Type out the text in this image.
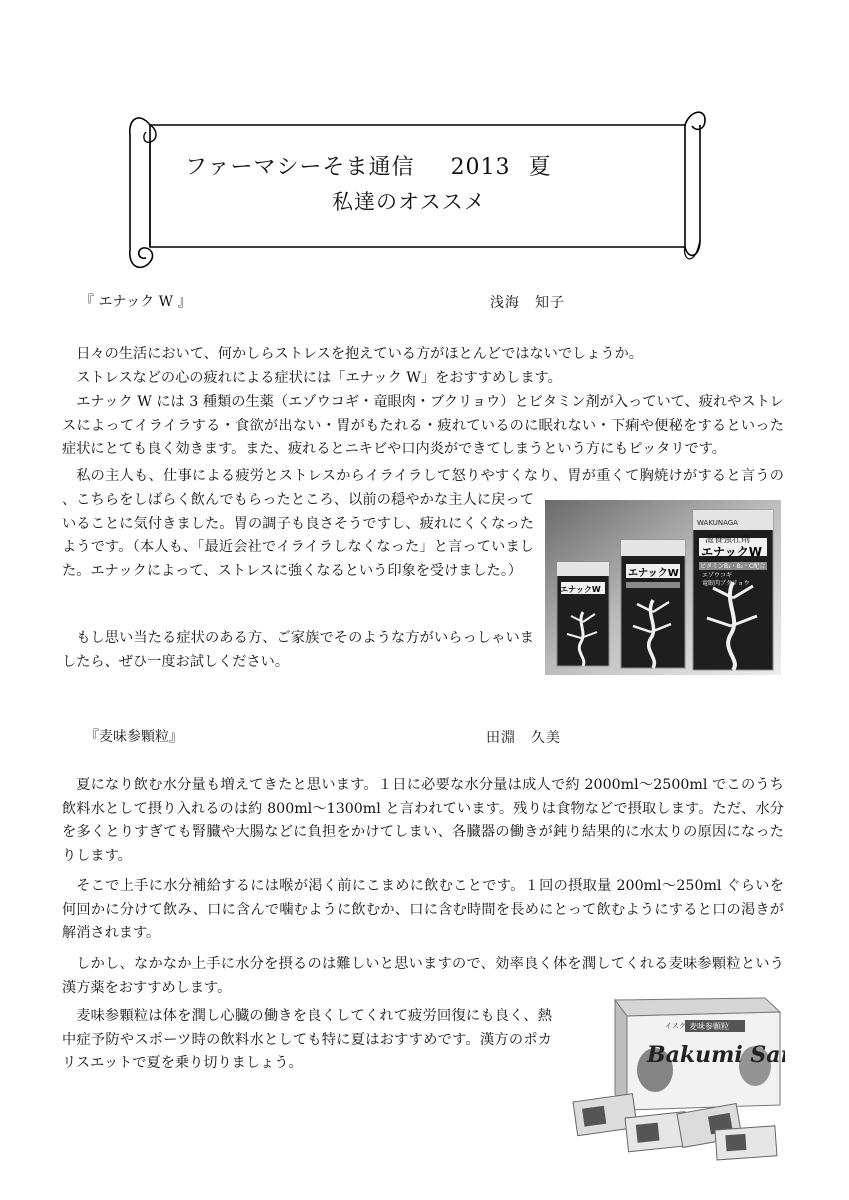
ファーマシーそま通信 2013 夏
私達のオススメ
『 エナック W 』	浅海　知子

日々の生活において、何かしらストレスを抱えている方がほとんどではないでしょうか。

ストレスなどの心の疲れによる症状には「エナック W」をおすすめします。

エナック W には 3 種類の生薬（エゾウコギ・竜眼肉・ブクリョウ）とビタミン剤が入っていて、疲れやストレスによってイライラする・食欲が出ない・胃がもたれる・疲れているのに眠れない・下痢や便秘をするといった症状にとても良く効きます。また、疲れるとニキビや口内炎ができてしまうという方にもピッタリです。

私の主人も、仕事による疲労とストレスからイライラして怒りやすくなり、胃が重くて胸焼けがすると言うの

、こちらをしばらく飲んでもらったところ、以前の穏やかな主人に戻っていることに気付きました。胃の調子も良さそうですし、疲れにくくなったようです。（本人も、「最近会社でイライラしなくなった」と言っていました。エナックによって、ストレスに強くなるという印象を受けました。）

もし思い当たる症状のある方、ご家族でそのような方がいらっしゃいましたら、ぜひ一度お試しください。

WAKUNAGA
滋養強壮剤
エナックW
ビタミンB₁・B₂・C配合
エゾウコギ
竜眼肉ブクリョウ
エナックW
エナックW
『麦味参顆粒』	田淵　久美

夏になり飲む水分量も増えてきたと思います。１日に必要な水分量は成人で約 2000ml〜2500ml でこのうち飲料水として摂り入れるのは約 800ml〜1300ml と言われています。残りは食物などで摂取します。ただ、水分を多くとりすぎても腎臓や大腸などに負担をかけてしまい、各臓器の働きが鈍り結果的に水太りの原因になったりします。

そこで上手に水分補給するには喉が渇く前にこまめに飲むことです。１回の摂取量 200ml〜250ml ぐらいを何回かに分けて飲み、口に含んで噛むように飲むか、口に含む時間を長めにとって飲むようにすると口の渇きが解消されます。

しかし、なかなか上手に水分を摂るのは難しいと思いますので、効率良く体を潤してくれる麦味参顆粒という漢方薬をおすすめします。

麦味参顆粒は体を潤し心臓の働きを良くしてくれて疲労回復にも良く、熱中症予防やスポーツ時の飲料水としても特に夏はおすすめです。漢方のポカリスエットで夏を乗り切りましょう。

イスクラ
麦味参顆粒
Bakumi San
